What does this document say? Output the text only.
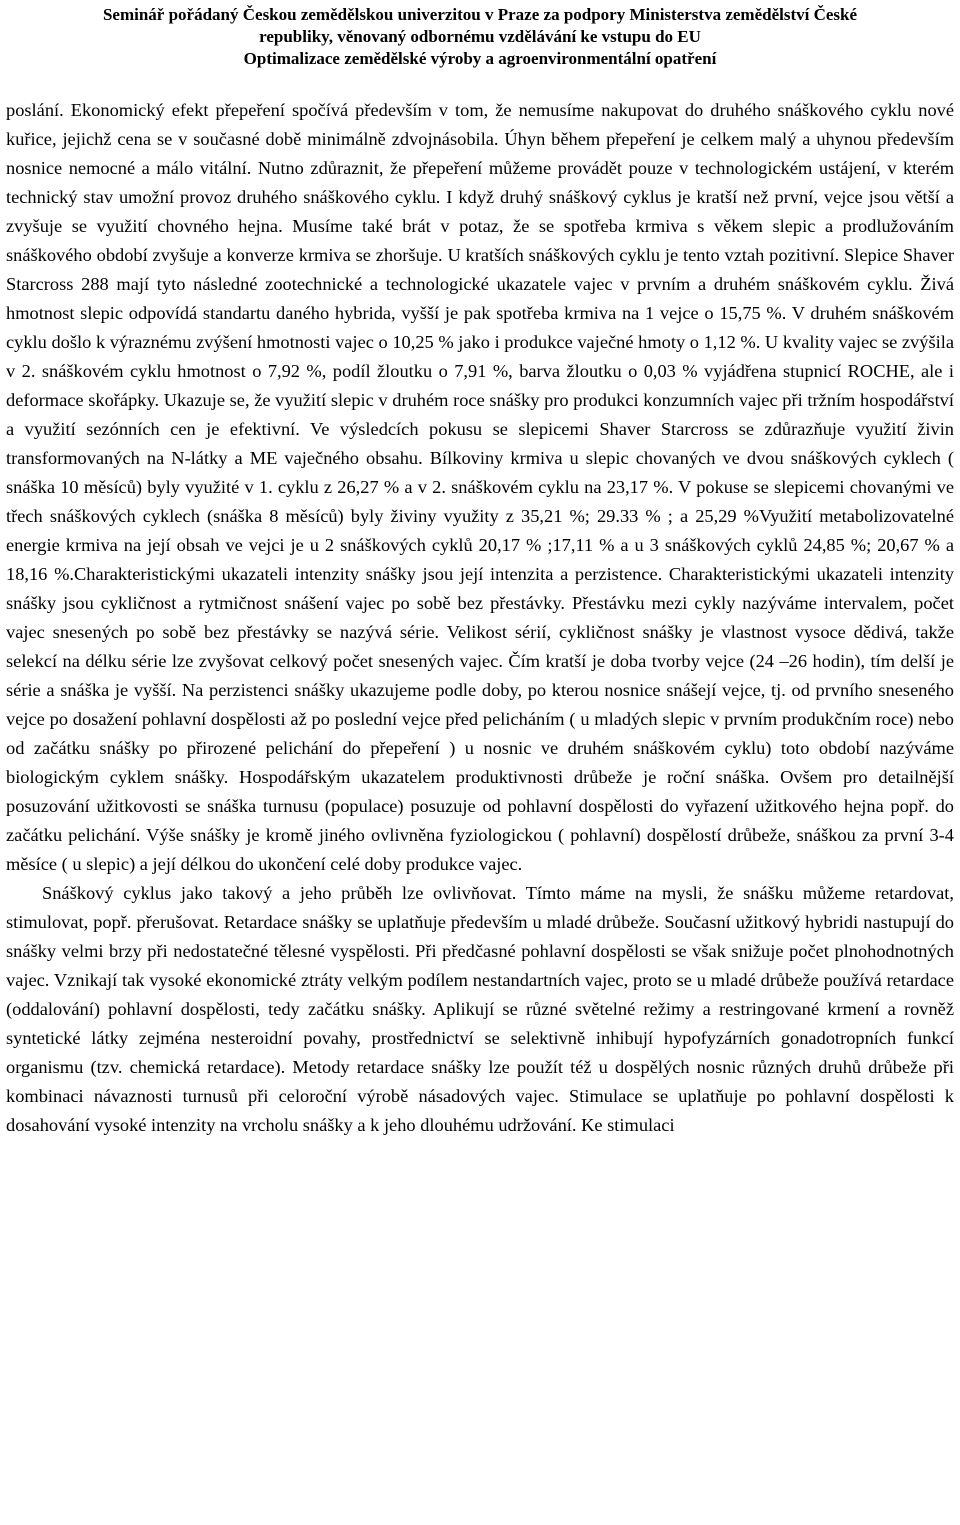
Seminář pořádaný Českou zemědělskou univerzitou v Praze za podpory Ministerstva zemědělství České
republiky, věnovaný odbornému vzdělávání ke vstupu do EU
Optimalizace zemědělské výroby a agroenvironmentální opatření

poslání. Ekonomický efekt přepeření spočívá především v tom, že nemusíme nakupovat do druhého snáškového cyklu nové kuřice, jejichž cena se v současné době minimálně zdvojnásobila. Úhyn během přepeření je celkem malý a uhynou především nosnice nemocné a málo vitální. Nutno zdůraznit, že přepeření můžeme provádět pouze v technologickém ustájení, v kterém technický stav umožní provoz druhého snáškového cyklu. I když druhý snáškový cyklus je kratší než první, vejce jsou větší a zvyšuje se využití chovného hejna. Musíme také brát v potaz, že se spotřeba krmiva s věkem slepic a prodlužováním snáškového období zvyšuje a konverze krmiva se zhoršuje. U kratších snáškových cyklu je tento vztah pozitivní. Slepice Shaver Starcross 288 mají tyto následné zootechnické a technologické ukazatele vajec v prvním a druhém snáškovém cyklu. Živá hmotnost slepic odpovídá standartu daného hybrida, vyšší je pak spotřeba krmiva na 1 vejce o 15,75 %. V druhém snáškovém cyklu došlo k výraznému zvýšení hmotnosti vajec o 10,25 % jako i produkce vaječné hmoty o 1,12 %. U kvality vajec se zvýšila v 2. snáškovém cyklu hmotnost o 7,92 %, podíl žloutku o 7,91 %, barva žloutku o 0,03 % vyjádřena stupnicí ROCHE, ale i deformace skořápky. Ukazuje se, že využití slepic v druhém roce snášky pro produkci konzumních vajec při tržním hospodářství a využití sezónních cen je efektivní. Ve výsledcích pokusu se slepicemi Shaver Starcross se zdůrazňuje využití živin transformovaných na N-látky a ME vaječného obsahu. Bílkoviny krmiva u slepic chovaných ve dvou snáškových cyklech ( snáška 10 měsíců) byly využité v 1. cyklu z 26,27 % a v 2. snáškovém cyklu na 23,17 %. V pokuse se slepicemi chovanými ve třech snáškových cyklech (snáška 8 měsíců) byly živiny využity z 35,21 %; 29.33 % ; a 25,29 %Využití metabolizovatelné energie krmiva na její obsah ve vejci je u 2 snáškových cyklů 20,17 % ;17,11 % a u 3 snáškových cyklů 24,85 %; 20,67 % a 18,16 %.Charakteristickými ukazateli intenzity snášky jsou její intenzita a perzistence. Charakteristickými ukazateli intenzity snášky jsou cykličnost a rytmičnost snášení vajec po sobě bez přestávky. Přestávku mezi cykly nazýváme intervalem, počet vajec snesených po sobě bez přestávky se nazývá série. Velikost sérií, cykličnost snášky je vlastnost vysoce dědivá, takže selekcí na délku série lze zvyšovat celkový počet snesených vajec. Čím kratší je doba tvorby vejce (24 –26 hodin), tím delší je série a snáška je vyšší. Na perzistenci snášky ukazujeme podle doby, po kterou nosnice snášejí vejce, tj. od prvního sneseného vejce po dosažení pohlavní dospělosti až po poslední vejce před pelicháním ( u mladých slepic v prvním produkčním roce) nebo od začátku snášky po přirozené pelichání do přepeření ) u nosnic ve druhém snáškovém cyklu) toto období nazýváme biologickým cyklem snášky. Hospodářským ukazatelem produktivnosti drůbeže je roční snáška. Ovšem pro detailnější posuzování užitkovosti se snáška turnusu (populace) posuzuje od pohlavní dospělosti do vyřazení užitkového hejna popř. do začátku pelichání. Výše snášky je kromě jiného ovlivněna fyziologickou ( pohlavní) dospělostí drůbeže, snáškou za první 3-4 měsíce ( u slepic) a její délkou do ukončení celé doby produkce vajec.

Snáškový cyklus jako takový a jeho průběh lze ovlivňovat. Tímto máme na mysli, že snášku můžeme retardovat, stimulovat, popř. přerušovat. Retardace snášky se uplatňuje především u mladé drůbeže. Současní užitkový hybridi nastupují do snášky velmi brzy při nedostatečné tělesné vyspělosti. Při předčasné pohlavní dospělosti se však snižuje počet plnohodnotných vajec. Vznikají tak vysoké ekonomické ztráty velkým podílem nestandartních vajec, proto se u mladé drůbeže používá retardace (oddalování) pohlavní dospělosti, tedy začátku snášky. Aplikují se různé světelné režimy a restringované krmení a rovněž syntetické látky zejména nesteroidní povahy, prostřednictví se selektivně inhibují hypofyzárních gonadotropních funkcí organismu (tzv. chemická retardace). Metody retardace snášky lze použít též u dospělých nosnic různých druhů drůbeže při kombinaci návaznosti turnusů při celoroční výrobě násadových vajec. Stimulace se uplatňuje po pohlavní dospělosti k dosahování vysoké intenzity na vrcholu snášky a k jeho dlouhému udržování. Ke stimulaci
